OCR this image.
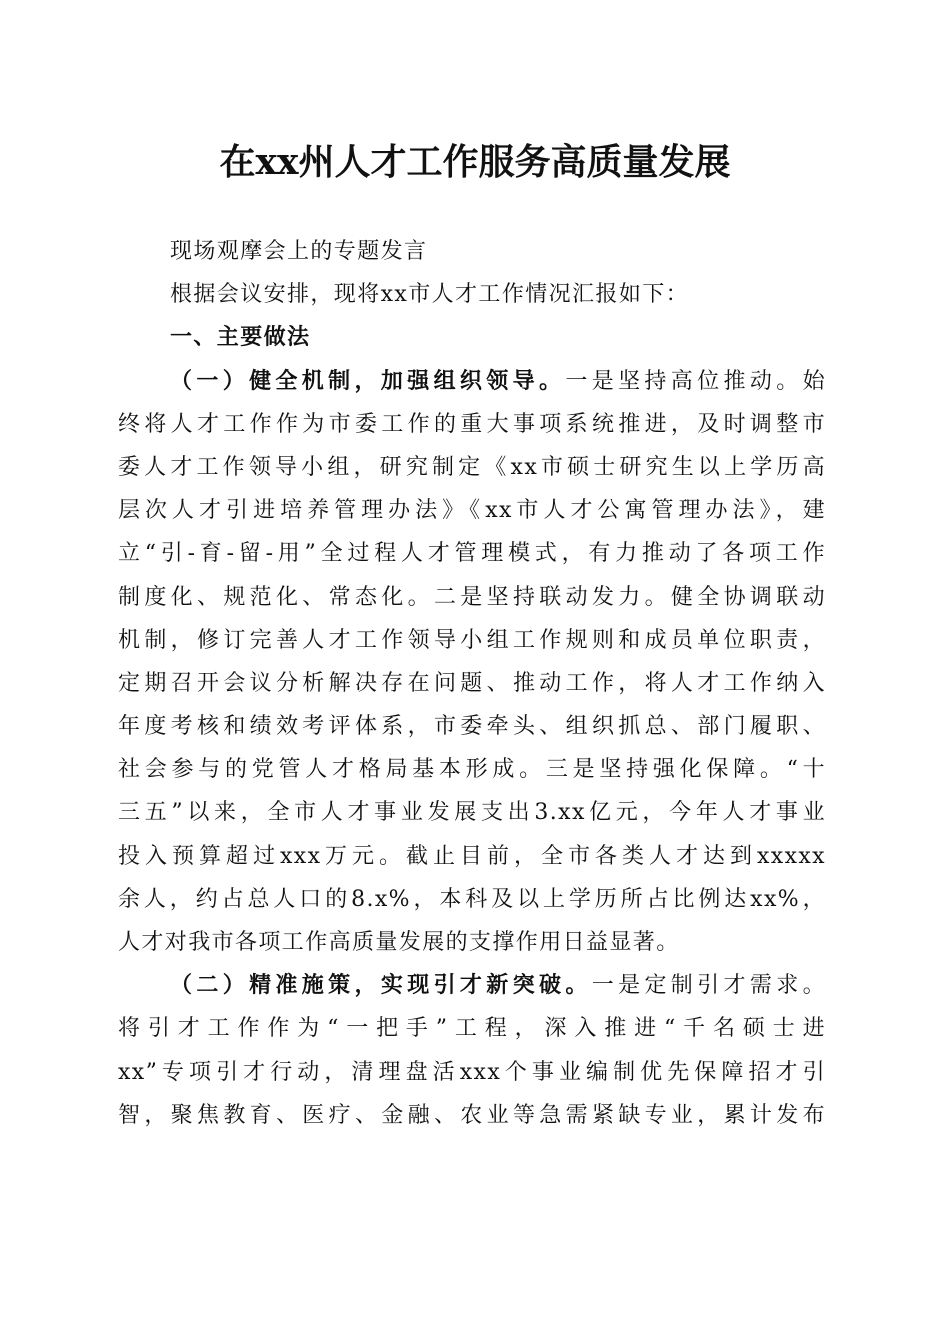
在xx州人才工作服务高质量发展

现场观摩会上的专题发言

根据会议安排，现将xx市人才工作情况汇报如下：

一、主要做法

（一）健全机制，加强组织领导。一是坚持高位推动。始

终将人才工作作为市委工作的重大事项系统推进，及时调整市

委人才工作领导小组，研究制定《xx市硕士研究生以上学历高

层次人才引进培养管理办法》《xx市人才公寓管理办法》，建

立“引-育-留-用”全过程人才管理模式，有力推动了各项工作

制度化、规范化、常态化。二是坚持联动发力。健全协调联动

机制，修订完善人才工作领导小组工作规则和成员单位职责，

定期召开会议分析解决存在问题、推动工作，将人才工作纳入

年度考核和绩效考评体系，市委牵头、组织抓总、部门履职、

社会参与的党管人才格局基本形成。三是坚持强化保障。“十

三五”以来，全市人才事业发展支出3.xx亿元，今年人才事业

投入预算超过xxx万元。截止目前，全市各类人才达到xxxxx

余人，约占总人口的8.x%，本科及以上学历所占比例达xx%，

人才对我市各项工作高质量发展的支撑作用日益显著。

（二）精准施策，实现引才新突破。一是定制引才需求。

将引才工作作为“一把手”工程，深入推进“千名硕士进

xx”专项引才行动，清理盘活xxx个事业编制优先保障招才引

智，聚焦教育、医疗、金融、农业等急需紧缺专业，累计发布
